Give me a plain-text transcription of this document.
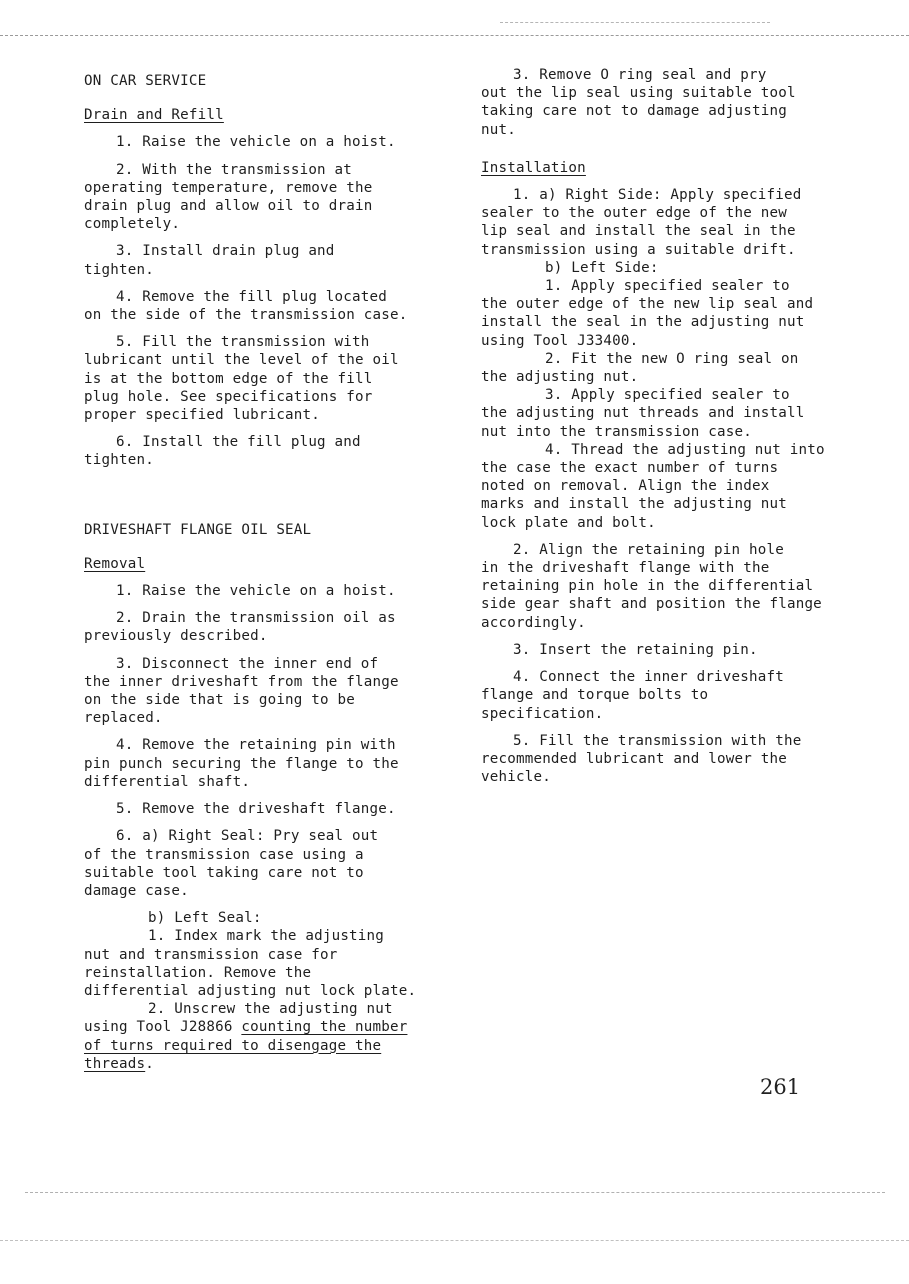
ON CAR SERVICE
Drain and Refill
1. Raise the vehicle on a hoist.
2. With the transmission at
operating temperature, remove the
drain plug and allow oil to drain
completely.
3. Install drain plug and
tighten.
4. Remove the fill plug located
on the side of the transmission case.
5. Fill the transmission with
lubricant until the level of the oil
is at the bottom edge of the fill
plug hole. See specifications for
proper specified lubricant.
6. Install the fill plug and
tighten.
DRIVESHAFT FLANGE OIL SEAL
Removal
1. Raise the vehicle on a hoist.
2. Drain the transmission oil as
previously described.
3. Disconnect the inner end of
the inner driveshaft from the flange
on the side that is going to be
replaced.
4. Remove the retaining pin with
pin punch securing the flange to the
differential shaft.
5. Remove the driveshaft flange.
6. a) Right Seal: Pry seal out
of the transmission case using a
suitable tool taking care not to
damage case.
b) Left Seal:
1. Index mark the adjusting
nut and transmission case for
reinstallation. Remove the
differential adjusting nut lock plate.
2. Unscrew the adjusting nut
using Tool J28866 counting the number
of turns required to disengage the
threads.
3. Remove O ring seal and pry
out the lip seal using suitable tool
taking care not to damage adjusting
nut.
Installation
1. a) Right Side: Apply specified
sealer to the outer edge of the new
lip seal and install the seal in the
transmission using a suitable drift.
b) Left Side:
1. Apply specified sealer to
the outer edge of the new lip seal and
install the seal in the adjusting nut
using Tool J33400.
2. Fit the new O ring seal on
the adjusting nut.
3. Apply specified sealer to
the adjusting nut threads and install
nut into the transmission case.
4. Thread the adjusting nut into
the case the exact number of turns
noted on removal. Align the index
marks and install the adjusting nut
lock plate and bolt.
2. Align the retaining pin hole
in the driveshaft flange with the
retaining pin hole in the differential
side gear shaft and position the flange
accordingly.
3. Insert the retaining pin.
4. Connect the inner driveshaft
flange and torque bolts to
specification.
5. Fill the transmission with the
recommended lubricant and lower the
vehicle.
261
